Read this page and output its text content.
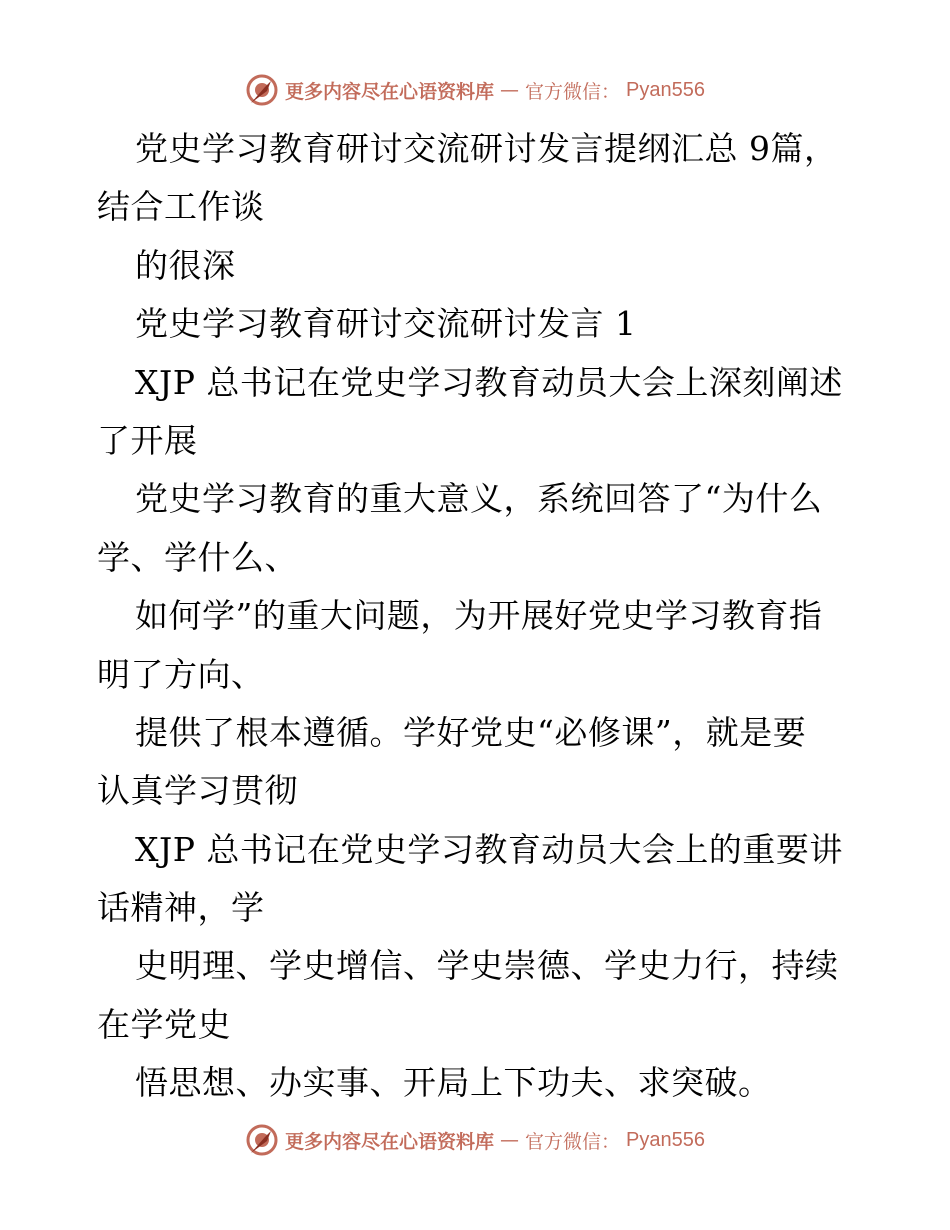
更多内容尽在心语资料库 — 官方微信： Pyan556
党史学习教育研讨交流研讨发言提纲汇总 9篇，
结合工作谈
的很深
党史学习教育研讨交流研讨发言 1
XJP 总书记在党史学习教育动员大会上深刻阐述
了开展
党史学习教育的重大意义，系统回答了“为什么
学、学什么、
如何学”的重大问题，为开展好党史学习教育指
明了方向、
提供了根本遵循。学好党史“必修课”，就是要
认真学习贯彻
XJP 总书记在党史学习教育动员大会上的重要讲
话精神，学
史明理、学史增信、学史崇德、学史力行，持续
在学党史
悟思想、办实事、开局上下功夫、求突破。
更多内容尽在心语资料库 — 官方微信： Pyan556
